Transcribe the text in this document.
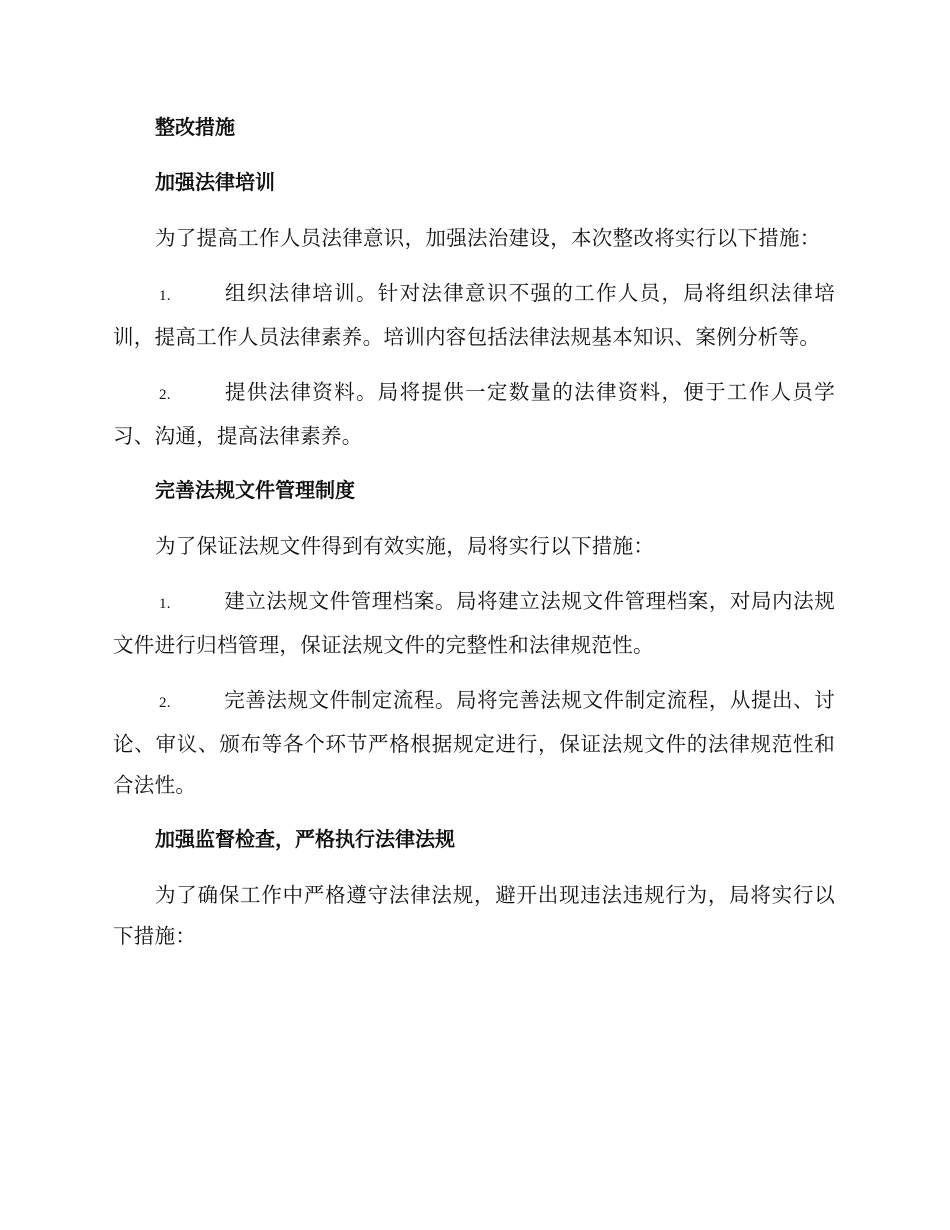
整改措施
加强法律培训
为了提高工作人员法律意识，加强法治建设，本次整改将实行以下措施：
1.	组织法律培训。针对法律意识不强的工作人员，局将组织法律培训，提高工作人员法律素养。培训内容包括法律法规基本知识、案例分析等。
2.	提供法律资料。局将提供一定数量的法律资料，便于工作人员学习、沟通，提高法律素养。
完善法规文件管理制度
为了保证法规文件得到有效实施，局将实行以下措施：
1.	建立法规文件管理档案。局将建立法规文件管理档案，对局内法规文件进行归档管理，保证法规文件的完整性和法律规范性。
2.	完善法规文件制定流程。局将完善法规文件制定流程，从提出、讨论、审议、颁布等各个环节严格根据规定进行，保证法规文件的法律规范性和合法性。
加强监督检查，严格执行法律法规
为了确保工作中严格遵守法律法规，避开出现违法违规行为，局将实行以下措施：
